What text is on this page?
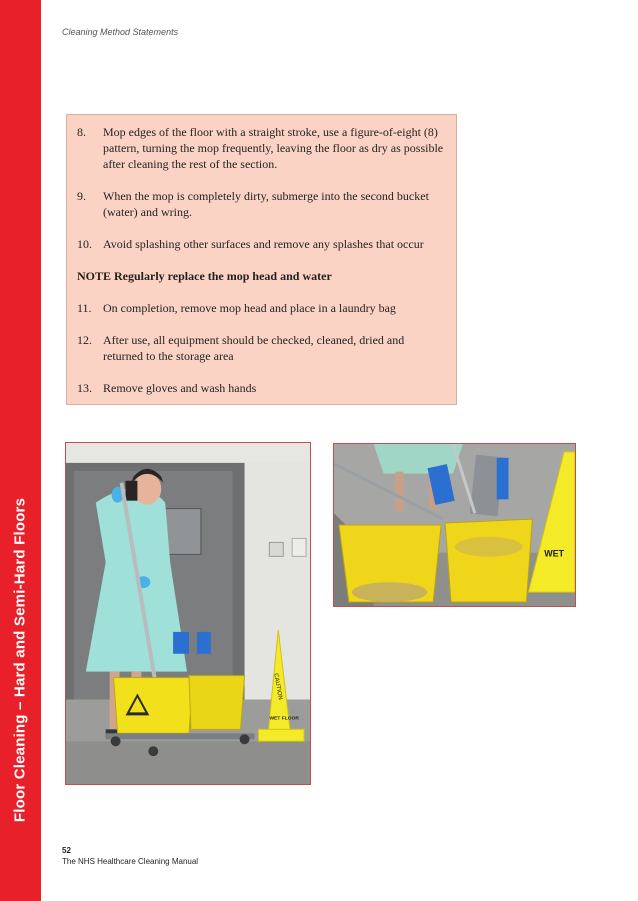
Floor Cleaning – Hard and Semi-Hard Floors
Cleaning Method Statements
8.	Mop edges of the floor with a straight stroke, use a figure-of-eight (8) pattern, turning the mop frequently, leaving the floor as dry as possible after cleaning the rest of the section.
9.	When the mop is completely dirty, submerge into the second bucket (water) and wring.
10. Avoid splashing other surfaces and remove any splashes that occur
NOTE Regularly replace the mop head and water
11. On completion, remove mop head and place in a laundry bag
12. After use, all equipment should be checked, cleaned, dried and returned to the storage area
13. Remove gloves and wash hands
CAUTION
WET FLOOR
WET
52
The NHS Healthcare Cleaning Manual
